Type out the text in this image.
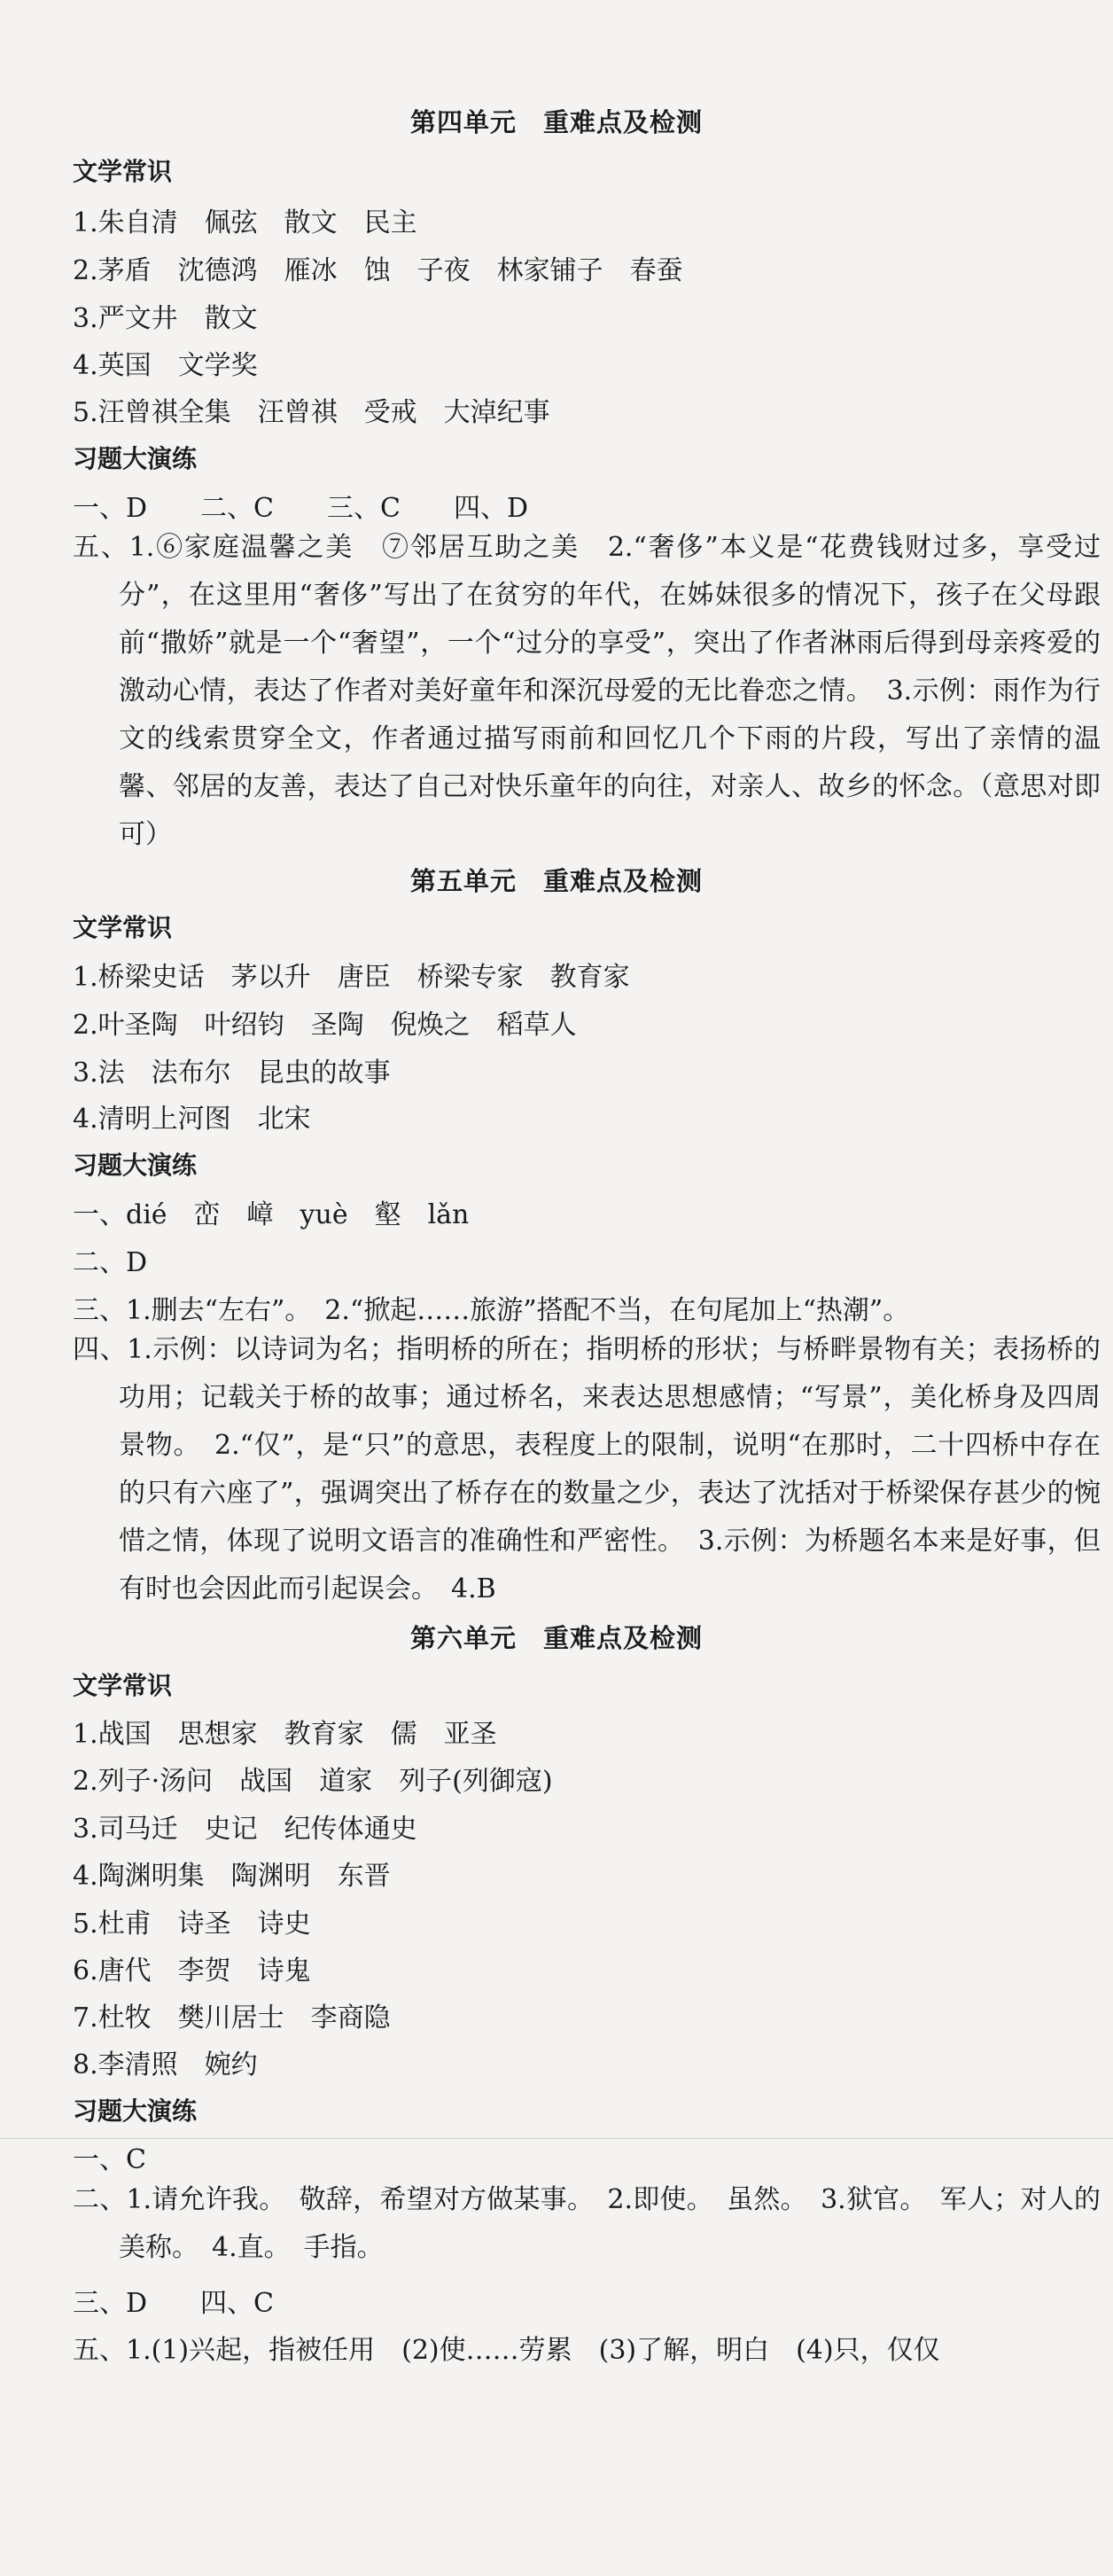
第四单元　重难点及检测
文学常识
1.朱自清　佩弦　散文　民主
2.茅盾　沈德鸿　雁冰　蚀　子夜　林家铺子　春蚕
3.严文井　散文
4.英国　文学奖
5.汪曾祺全集　汪曾祺　受戒　大淖纪事
习题大演练
一、D　　二、C　　三、C　　四、D
五、1.⑥家庭温馨之美　⑦邻居互助之美　2.“奢侈”本义是“花费钱财过多，享受过分”，在这里用“奢侈”写出了在贫穷的年代，在姊妹很多的情况下，孩子在父母跟前“撒娇”就是一个“奢望”，一个“过分的享受”，突出了作者淋雨后得到母亲疼爱的激动心情，表达了作者对美好童年和深沉母爱的无比眷恋之情。　3.示例：雨作为行文的线索贯穿全文，作者通过描写雨前和回忆几个下雨的片段，写出了亲情的温馨、邻居的友善，表达了自己对快乐童年的向往，对亲人、故乡的怀念。（意思对即可）
第五单元　重难点及检测
文学常识
1.桥梁史话　茅以升　唐臣　桥梁专家　教育家
2.叶圣陶　叶绍钧　圣陶　倪焕之　稻草人
3.法　法布尔　昆虫的故事
4.清明上河图　北宋
习题大演练
一、dié　峦　嶂　yuè　壑　lǎn
二、D
三、1.删去“左右”。　2.“掀起……旅游”搭配不当，在句尾加上“热潮”。
四、1.示例：以诗词为名；指明桥的所在；指明桥的形状；与桥畔景物有关；表扬桥的功用；记载关于桥的故事；通过桥名，来表达思想感情；“写景”，美化桥身及四周景物。　2.“仅”，是“只”的意思，表程度上的限制，说明“在那时，二十四桥中存在的只有六座了”，强调突出了桥存在的数量之少，表达了沈括对于桥梁保存甚少的惋惜之情，体现了说明文语言的准确性和严密性。　3.示例：为桥题名本来是好事，但有时也会因此而引起误会。　4.B
第六单元　重难点及检测
文学常识
1.战国　思想家　教育家　儒　亚圣
2.列子·汤问　战国　道家　列子(列御寇)
3.司马迁　史记　纪传体通史
4.陶渊明集　陶渊明　东晋
5.杜甫　诗圣　诗史
6.唐代　李贺　诗鬼
7.杜牧　樊川居士　李商隐
8.李清照　婉约
习题大演练
一、C
二、1.请允许我。　敬辞，希望对方做某事。　2.即使。　虽然。　3.狱官。　军人；对人的美称。　4.直。　手指。
三、D　　四、C
五、1.(1)兴起，指被任用　(2)使……劳累　(3)了解，明白　(4)只，仅仅
